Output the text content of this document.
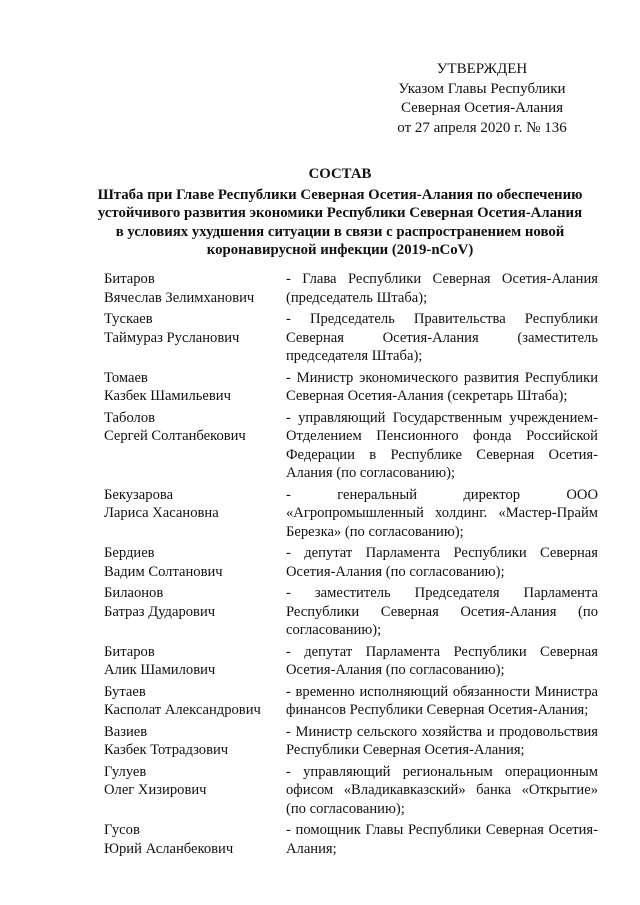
УТВЕРЖДЕН
Указом Главы Республики
Северная Осетия-Алания
от 27 апреля 2020 г. № 136
СОСТАВ
Штаба при Главе Республики Северная Осетия-Алания по обеспечению устойчивого развития экономики Республики Северная Осетия-Алания в условиях ухудшения ситуации в связи с распространением новой коронавирусной инфекции (2019-nCoV)
Битаров
Вячеслав Зелимханович
- Глава Республики Северная Осетия-Алания (председатель Штаба);
Тускаев
Таймураз Русланович
- Председатель Правительства Республики Северная Осетия-Алания (заместитель председателя Штаба);
Томаев
Казбек Шамильевич
- Министр экономического развития Республики Северная Осетия-Алания (секретарь Штаба);
Таболов
Сергей Солтанбекович
- управляющий Государственным учреждением-Отделением Пенсионного фонда Российской Федерации в Республике Северная Осетия-Алания (по согласованию);
Бекузарова
Лариса Хасановна
- генеральный директор ООО «Агропромышленный холдинг. «Мастер-Прайм Березка» (по согласованию);
Бердиев
Вадим Солтанович
- депутат Парламента Республики Северная Осетия-Алания (по согласованию);
Билаонов
Батраз Дударович
- заместитель Председателя Парламента Республики Северная Осетия-Алания (по согласованию);
Битаров
Алик Шамилович
- депутат Парламента Республики Северная Осетия-Алания (по согласованию);
Бутаев
Касполат Александрович
- временно исполняющий обязанности Министра финансов Республики Северная Осетия-Алания;
Вазиев
Казбек Тотрадзович
- Министр сельского хозяйства и продовольствия Республики Северная Осетия-Алания;
Гулуев
Олег Хизирович
- управляющий региональным операционным офисом «Владикавказский» банка «Открытие» (по согласованию);
Гусов
Юрий Асланбекович
- помощник Главы Республики Северная Осетия-Алания;
